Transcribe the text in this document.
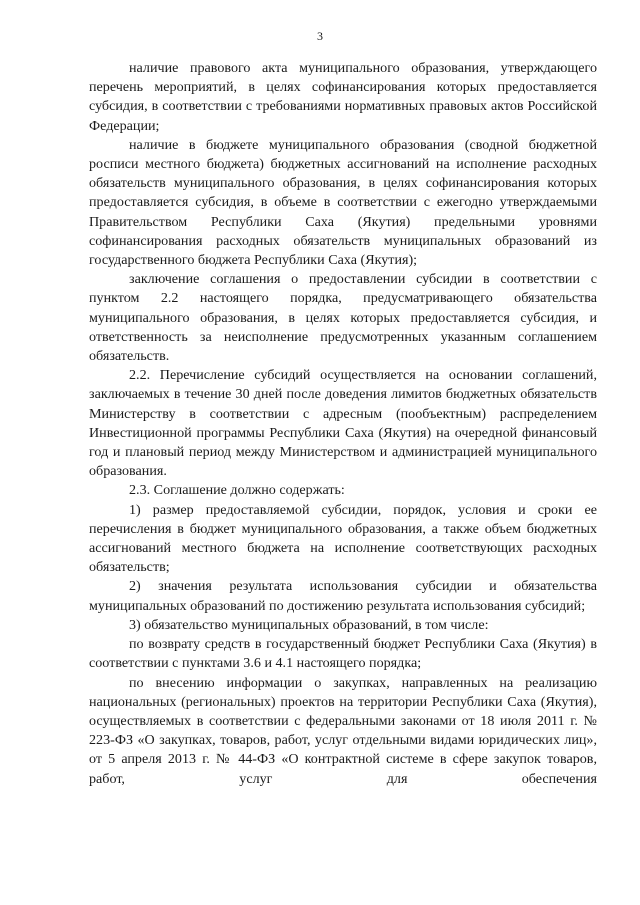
3

наличие правового акта муниципального образования, утверждающего перечень мероприятий, в целях софинансирования которых предоставляется субсидия, в соответствии с требованиями нормативных правовых актов Российской Федерации;

наличие в бюджете муниципального образования (сводной бюджетной росписи местного бюджета) бюджетных ассигнований на исполнение расходных обязательств муниципального образования, в целях софинансирования которых предоставляется субсидия, в объеме в соответствии с ежегодно утверждаемыми Правительством Республики Саха (Якутия) предельными уровнями софинансирования расходных обязательств муниципальных образований из государственного бюджета Республики Саха (Якутия);

заключение соглашения о предоставлении субсидии в соответствии с пунктом 2.2 настоящего порядка, предусматривающего обязательства муниципального образования, в целях которых предоставляется субсидия, и ответственность за неисполнение предусмотренных указанным соглашением обязательств.

2.2. Перечисление субсидий осуществляется на основании соглашений, заключаемых в течение 30 дней после доведения лимитов бюджетных обязательств Министерству в соответствии с адресным (пообъектным) распределением Инвестиционной программы Республики Саха (Якутия) на очередной финансовый год и плановый период между Министерством и администрацией муниципального образования.

2.3. Соглашение должно содержать:

1) размер предоставляемой субсидии, порядок, условия и сроки ее перечисления в бюджет муниципального образования, а также объем бюджетных ассигнований местного бюджета на исполнение соответствующих расходных обязательств;

2) значения результата использования субсидии и обязательства муниципальных образований по достижению результата использования субсидий;

3) обязательство муниципальных образований, в том числе:

по возврату средств в государственный бюджет Республики Саха (Якутия) в соответствии с пунктами 3.6 и 4.1 настоящего порядка;

по внесению информации о закупках, направленных на реализацию национальных (региональных) проектов на территории Республики Саха (Якутия), осуществляемых в соответствии с федеральными законами от 18 июля 2011 г. № 223-ФЗ «О закупках, товаров, работ, услуг отдельными видами юридических лиц», от 5 апреля 2013 г. № 44-ФЗ «О контрактной системе в сфере закупок товаров, работ, услуг для обеспечения
